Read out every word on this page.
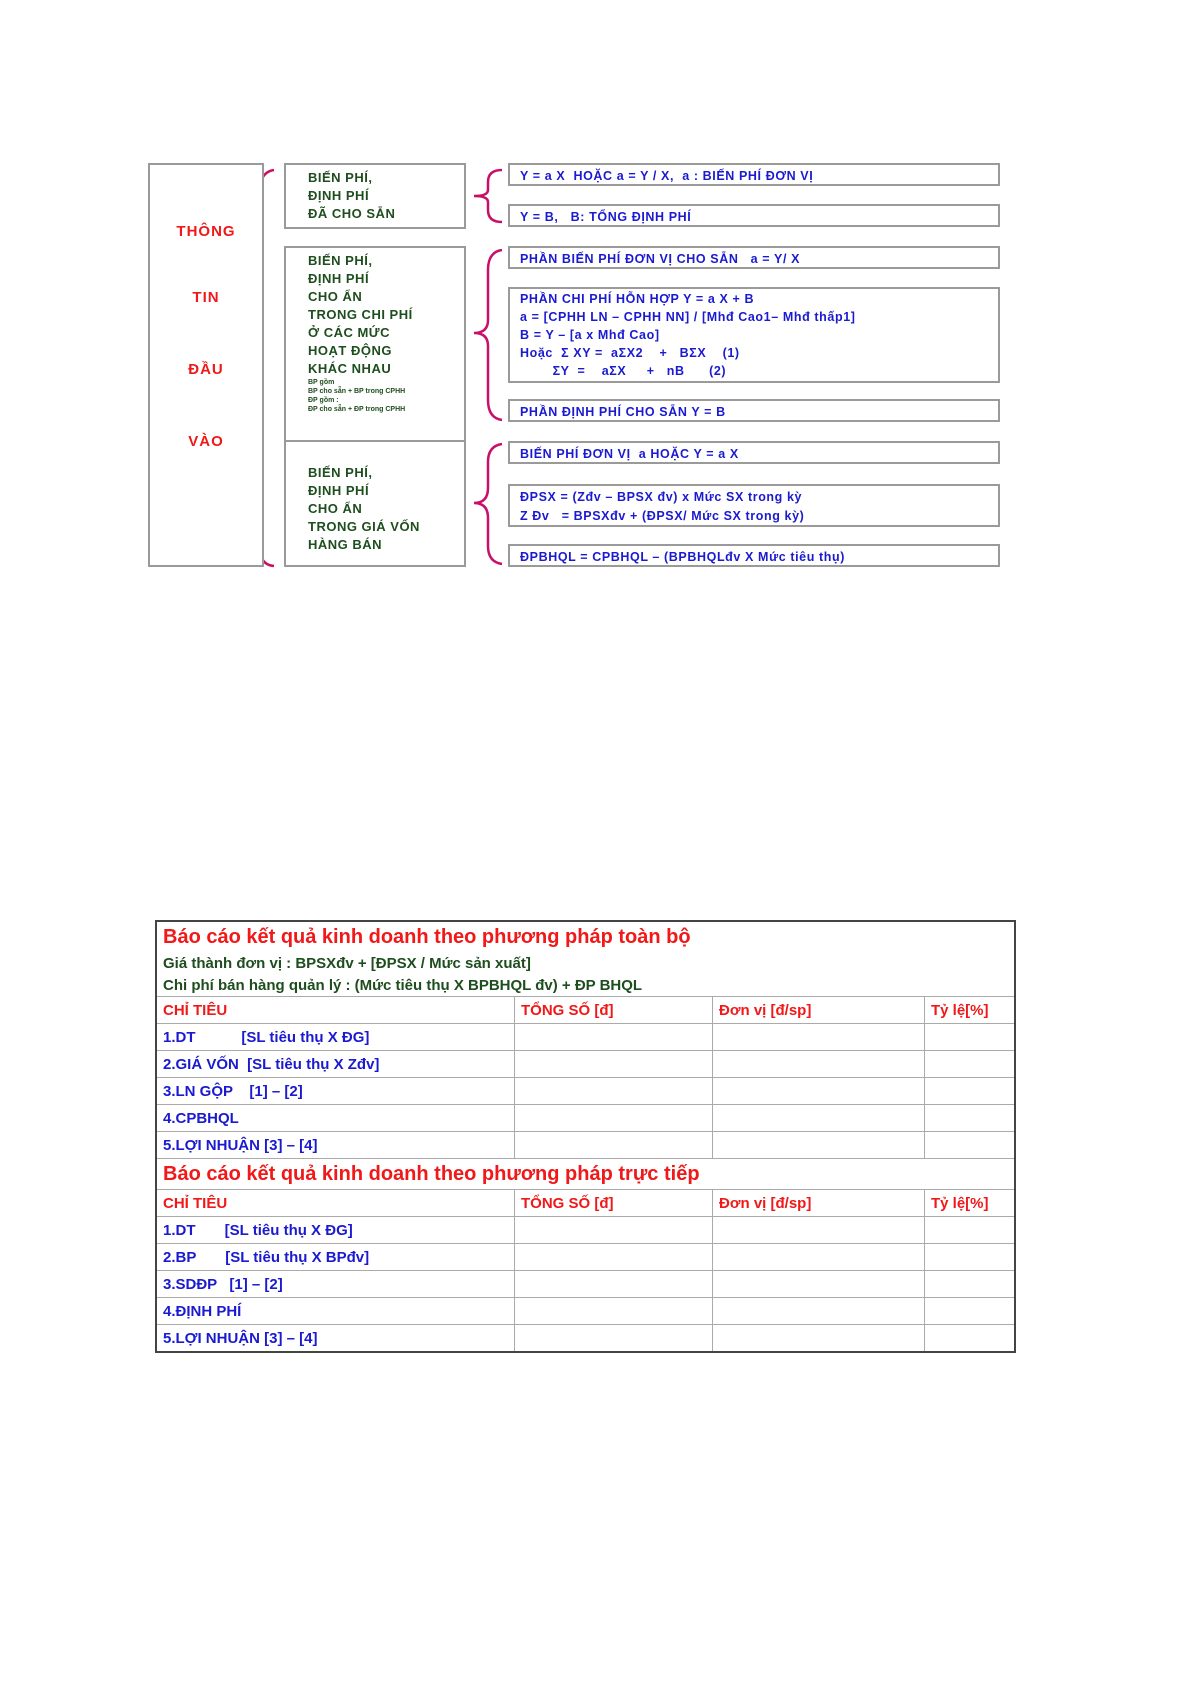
THÔNG
TIN
ĐẦU
VÀO
BIẾN PHÍ,
ĐỊNH PHÍ
ĐÃ CHO SẴN
BIẾN PHÍ,
ĐỊNH PHÍ
CHO ẨN
TRONG CHI PHÍ
Ở CÁC MỨC
HOẠT ĐỘNG
KHÁC NHAU
BP gồm
BP cho sẵn + BP trong CPHH
ĐP gồm :
ĐP cho sẵn + ĐP trong CPHH
BIẾN PHÍ,
ĐỊNH PHÍ
CHO ẨN
TRONG GIÁ VỐN
HÀNG BÁN
Y = a X  HOẶC a = Y / X,  a : BIẾN PHÍ ĐƠN VỊ
Y = B,   B: TỔNG ĐỊNH PHÍ
PHẦN BIẾN PHÍ ĐƠN VỊ CHO SẴN   a = Y/ X
PHẦN CHI PHÍ HỖN HỢP Y = a X + B
a = [CPHH LN – CPHH NN] / [Mhđ Cao1– Mhđ thấp1]
B = Y – [a x Mhđ Cao]
Hoặc  Σ XY =  aΣX2    +   BΣX    (1)
ΣY  =    aΣX     +   nB      (2)
PHẦN ĐỊNH PHÍ CHO SẴN Y = B
BIẾN PHÍ ĐƠN VỊ  a HOẶC Y = a X
ĐPSX = (Zđv – BPSX đv) x Mức SX trong kỳ
Z Đv   = BPSXđv + (ĐPSX/ Mức SX trong kỳ)
ĐPBHQL = CPBHQL – (BPBHQLđv X Mức tiêu thụ)
Báo cáo kết quả kinh doanh theo phương pháp toàn bộ			
Giá thành đơn vị : BPSXđv + [ĐPSX / Mức sản xuất]			
Chi phí bán hàng quản lý : (Mức tiêu thụ X BPBHQL đv) + ĐP BHQL			
CHỈ TIÊU	TỔNG SỐ [đ]	Đơn vị [đ/sp]	Tỷ lệ[%]
1.DT           [SL tiêu thụ X ĐG]			
2.GIÁ VỐN  [SL tiêu thụ X Zđv]			
3.LN GỘP    [1] – [2]			
4.CPBHQL			
5.LỢI NHUẬN [3] – [4]			
Báo cáo kết quả kinh doanh theo phương pháp trực tiếp			
CHỈ TIÊU	TỔNG SỐ [đ]	Đơn vị [đ/sp]	Tỷ lệ[%]
1.DT       [SL tiêu thụ X ĐG]			
2.BP       [SL tiêu thụ X BPđv]			
3.SDĐP   [1] – [2]			
4.ĐỊNH PHÍ			
5.LỢI NHUẬN [3] – [4]			
